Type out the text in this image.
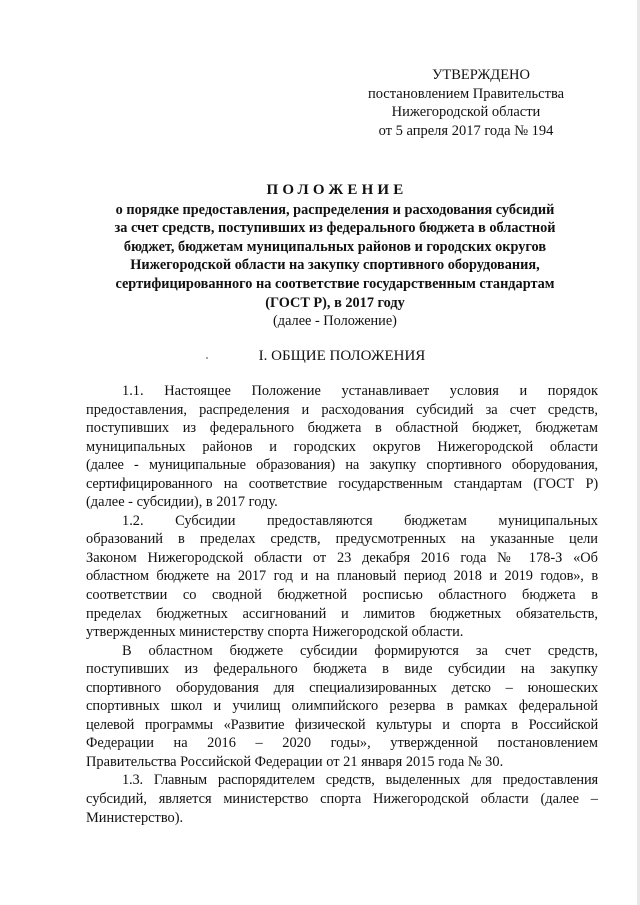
УТВЕРЖДЕНО
постановлением Правительства
Нижегородской области
от 5 апреля 2017 года № 194
ПОЛОЖЕНИЕ
о порядке предоставления, распределения и расходования субсидий
за счет средств, поступивших из федерального бюджета в областной
бюджет, бюджетам муниципальных районов и городских округов
Нижегородской области на закупку спортивного оборудования,
сертифицированного на соответствие государственным стандартам
(ГОСТ Р), в 2017 году
(далее - Положение)
I. ОБЩИЕ ПОЛОЖЕНИЯ
1.1. Настоящее Положение устанавливает условия и порядок
предоставления, распределения и расходования субсидий за счет средств,
поступивших из федерального бюджета в областной бюджет, бюджетам
муниципальных районов и городских округов Нижегородской области
(далее - муниципальные образования) на закупку спортивного оборудования,
сертифицированного на соответствие государственным стандартам (ГОСТ Р)
(далее - субсидии), в 2017 году.
1.2. Субсидии предоставляются бюджетам муниципальных
образований в пределах средств, предусмотренных на указанные цели
Законом Нижегородской области от 23 декабря 2016 года № 178-З «Об
областном бюджете на 2017 год и на плановый период 2018 и 2019 годов», в
соответствии со сводной бюджетной росписью областного бюджета в
пределах бюджетных ассигнований и лимитов бюджетных обязательств,
утвержденных министерству спорта Нижегородской области.
В областном бюджете субсидии формируются за счет средств,
поступивших из федерального бюджета в виде субсидии на закупку
спортивного оборудования для специализированных детско – юношеских
спортивных школ и училищ олимпийского резерва в рамках федеральной
целевой программы «Развитие физической культуры и спорта в Российской
Федерации на 2016 – 2020 годы», утвержденной постановлением
Правительства Российской Федерации от 21 января 2015 года № 30.
1.3. Главным распорядителем средств, выделенных для предоставления
субсидий, является министерство спорта Нижегородской области (далее –
Министерство).
